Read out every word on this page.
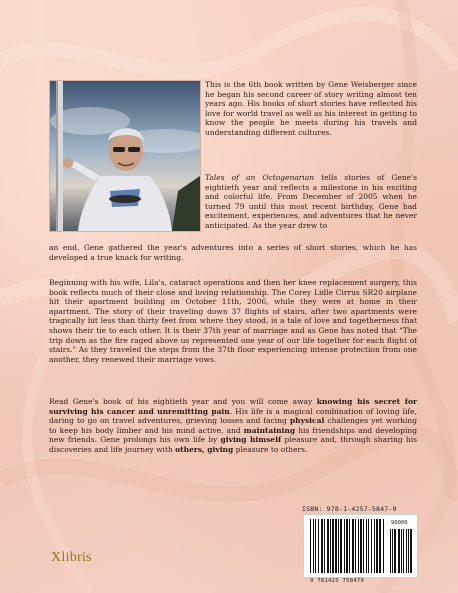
This is the 6th book written by Gene Weisberger since he began his second career of story writing almost ten years ago. His books of short stories have reflected his love for world travel as well as his interest in getting to know the people he meets during his travels and understanding different cultures.
Tales of an Octogenarian tells stories of Gene's eightieth year and reflects a milestone in his exciting and colorful life. From December of 2005 when he turned 79 until this most recent birthday, Gene had excitement, experiences, and adventures that he never anticipated. As the year drew to
an end, Gene gathered the year's adventures into a series of short stories, which he has developed a true knack for writing.
Beginning with his wife, Lila's, cataract operations and then her knee replacement surgery, this book reflects much of their close and loving relationship. The Corey Lidle Cirrus SR20 airplane hit their apartment building on October 11th, 2006, while they were at home in their apartment. The story of their traveling down 37 flights of stairs, after two apartments were tragically hit less than thirty feet from where they stood, is a tale of love and togetherness that shows their tie to each other. It is their 37th year of marriage and as Gene has noted that "The trip down as the fire raged above us represented one year of our life together for each flight of stairs." As they traveled the steps from the 37th floor experiencing intense protection from one another, they renewed their marriage vows.
Read Gene's book of his eightieth year and you will come away knowing his secret for surviving his cancer and unremitting pain. His life is a magical combination of loving life, daring to go on travel adventures, grieving losses and facing physical challenges yet working to keep his body limber and his mind active, and maintaining his friendships and developing new friends. Gene prolongs his own life by giving himself pleasure and, through sharing his discoveries and life journey with others, giving pleasure to others.
ISBN: 978-1-4257-5847-9
90000
9 781425 758479
Xlibris
